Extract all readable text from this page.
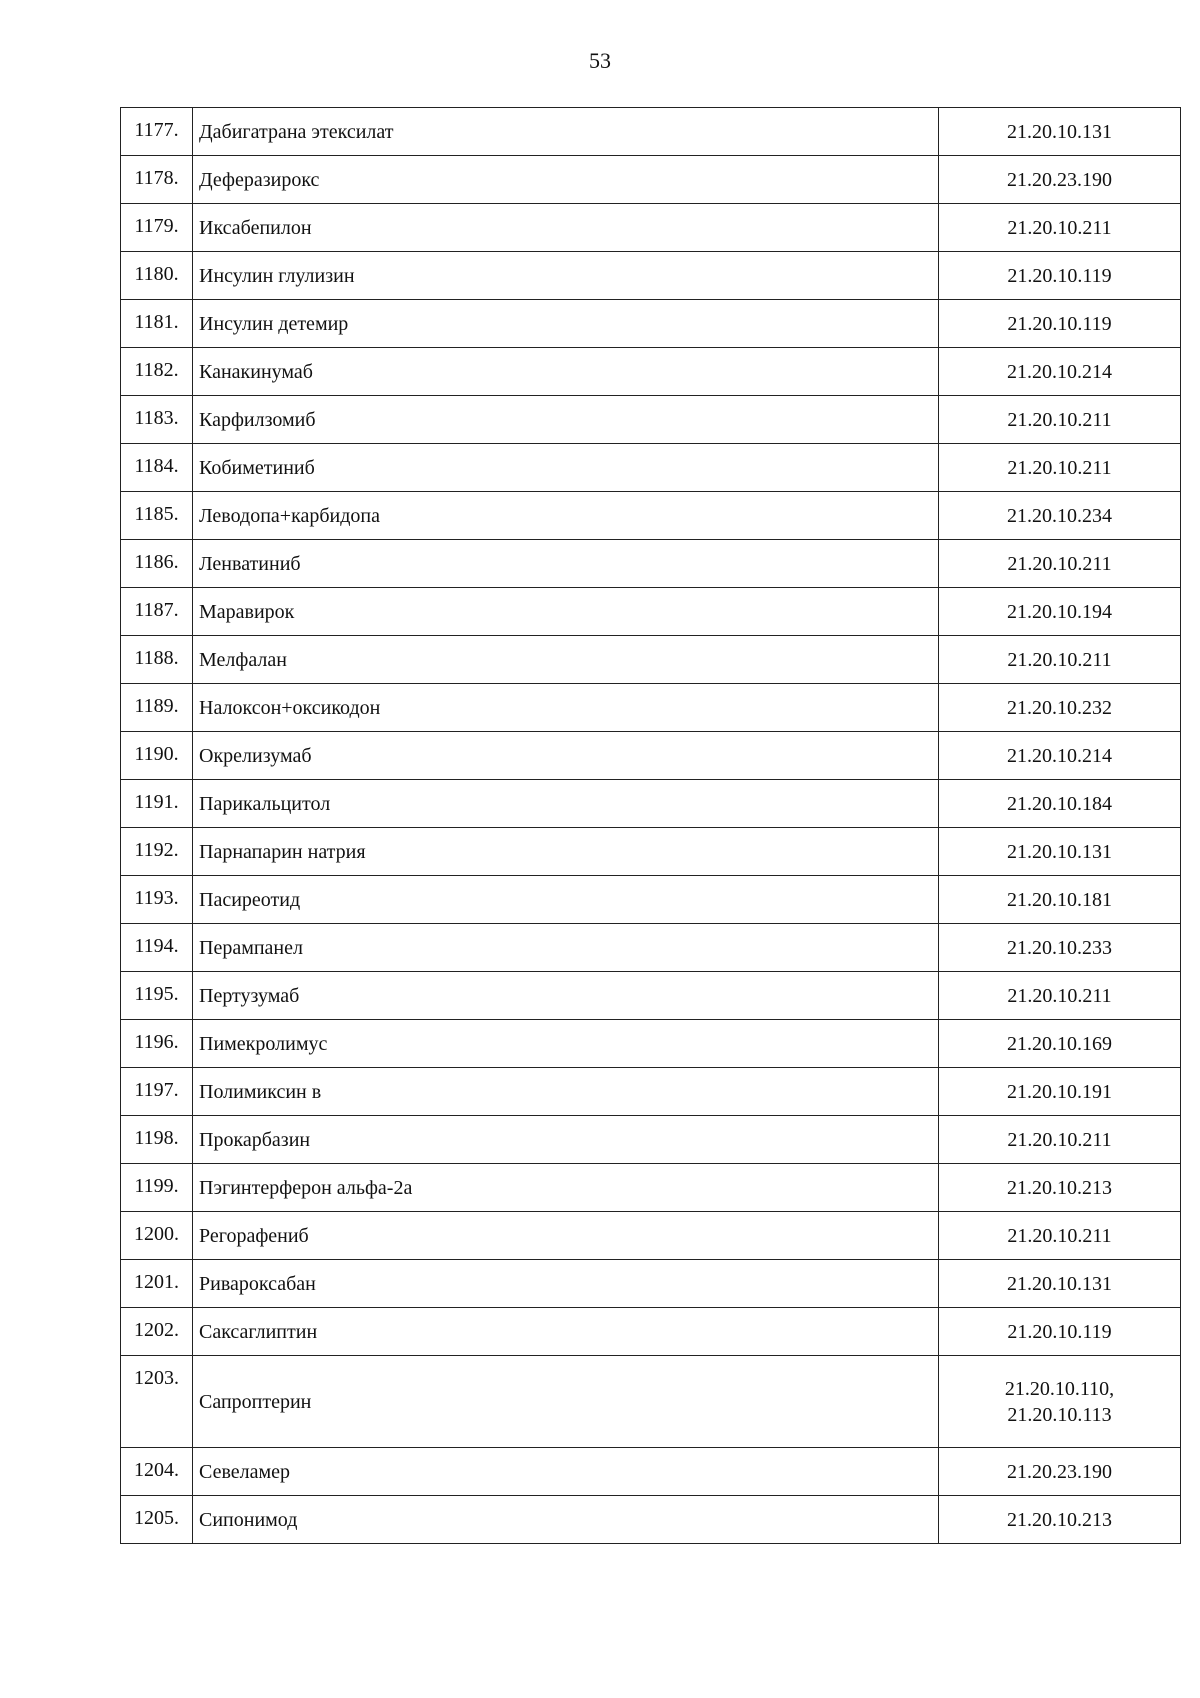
53
1177.	Дабигатрана этексилат	21.20.10.131

1178.	Деферазирокс	21.20.23.190

1179.	Иксабепилон	21.20.10.211

1180.	Инсулин глулизин	21.20.10.119

1181.	Инсулин детемир	21.20.10.119

1182.	Канакинумаб	21.20.10.214

1183.	Карфилзомиб	21.20.10.211

1184.	Кобиметиниб	21.20.10.211

1185.	Леводопа+карбидопа	21.20.10.234

1186.	Ленватиниб	21.20.10.211

1187.	Маравирок	21.20.10.194

1188.	Мелфалан	21.20.10.211

1189.	Налоксон+оксикодон	21.20.10.232

1190.	Окрелизумаб	21.20.10.214

1191.	Парикальцитол	21.20.10.184

1192.	Парнапарин натрия	21.20.10.131

1193.	Пасиреотид	21.20.10.181

1194.	Перампанел	21.20.10.233

1195.	Пертузумаб	21.20.10.211

1196.	Пимекролимус	21.20.10.169

1197.	Полимиксин в	21.20.10.191

1198.	Прокарбазин	21.20.10.211

1199.	Пэгинтерферон альфа-2а	21.20.10.213

1200.	Регорафениб	21.20.10.211

1201.	Ривароксабан	21.20.10.131

1202.	Саксаглиптин	21.20.10.119

1203.	Сапроптерин	21.20.10.110,
21.20.10.113

1204.	Севеламер	21.20.23.190

1205.	Сипонимод	21.20.10.213
